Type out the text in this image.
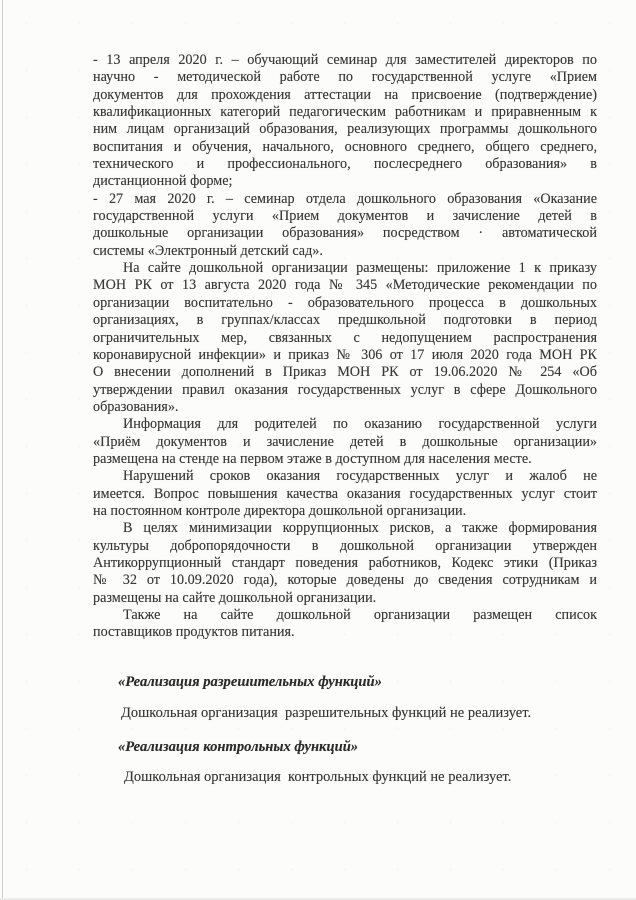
- 13 апреля 2020 г. – обучающий семинар для заместителей директоров по
научно - методической работе по государственной услуге «Прием
документов для прохождения аттестации на присвоение (подтверждение)
квалификационных категорий педагогическим работникам и приравненным к
ним лицам организаций образования, реализующих программы дошкольного
воспитания и обучения, начального, основного среднего, общего среднего,
технического и профессионального, послесреднего образования» в
дистанционной форме;
- 27 мая 2020 г. – семинар отдела дошкольного образования «Оказание
государственной услуги «Прием документов и зачисление детей в
дошкольные организации образования» посредством · автоматической
системы «Электронный детский сад».
На сайте дошкольной организации размещены: приложение 1 к приказу
МОН РК от 13 августа 2020 года № 345 «Методические рекомендации по
организации воспитательно - образовательного процесса в дошкольных
организациях, в группах/классах предшкольной подготовки в период
ограничительных мер, связанных с недопущением распространения
коронавирусной инфекции» и приказ № 306 от 17 июля 2020 года МОН РК
О внесении дополнений в Приказ МОН РК от 19.06.2020 № 254 «Об
утверждении правил оказания государственных услуг в сфере Дошкольного
образования».
Информация для родителей по оказанию государственной услуги
«Приём документов и зачисление детей в дошкольные организации»
размещена на стенде на первом этаже в доступном для населения месте.
Нарушений сроков оказания государственных услуг и жалоб не
имеется. Вопрос повышения качества оказания государственных услуг стоит
на постоянном контроле директора дошкольной организации.
В целях минимизации коррупционных рисков, а также формирования
культуры добропорядочности в дошкольной организации утвержден
Антикоррупционный стандарт поведения работников, Кодекс этики (Приказ
№ 32 от 10.09.2020 года), которые доведены до сведения сотрудникам и
размещены на сайте дошкольной организации.
Также на сайте дошкольной организации размещен список
поставщиков продуктов питания.
«Реализация разрешительных функций»
Дошкольная организация  разрешительных функций не реализует.
«Реализация контрольных функций»
Дошкольная организация  контрольных функций не реализует.
